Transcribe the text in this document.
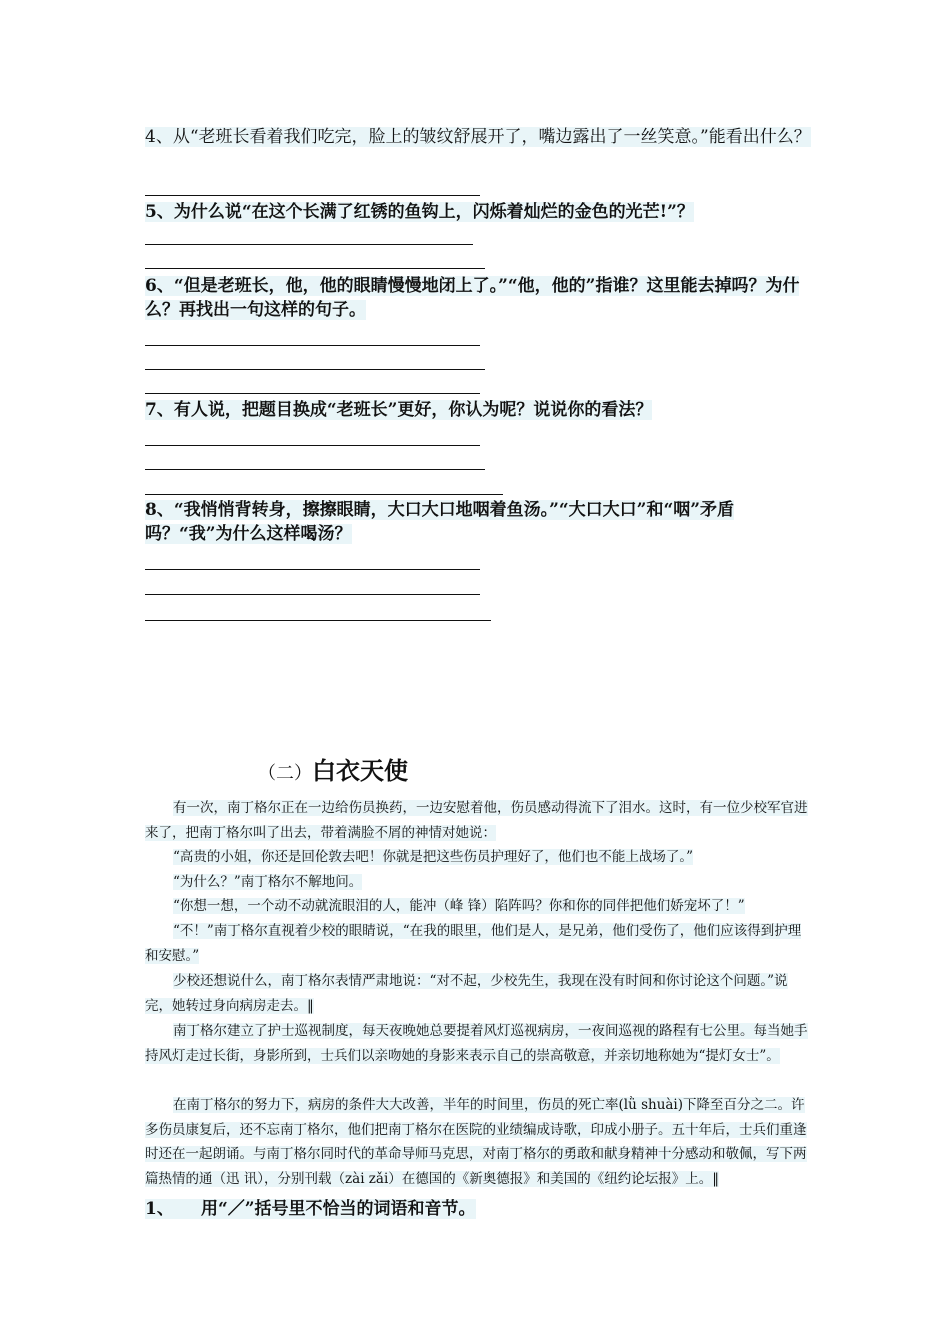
4、从“老班长看着我们吃完，脸上的皱纹舒展开了，嘴边露出了一丝笑意。”能看出什么？
5、为什么说“在这个长满了红锈的鱼钩上，闪烁着灿烂的金色的光芒!”？
6、“但是老班长，他，他的眼睛慢慢地闭上了。”“他，他的”指谁？这里能去掉吗？为什么？再找出一句这样的句子。
7、有人说，把题目换成“老班长”更好，你认为呢？说说你的看法？
8、“我悄悄背转身，擦擦眼睛，大口大口地咽着鱼汤。”“大口大口”和“咽”矛盾吗？“我”为什么这样喝汤？
（二）白衣天使
有一次，南丁格尔正在一边给伤员换药，一边安慰着他，伤员感动得流下了泪水。这时，有一位少校军官进来了，把南丁格尔叫了出去，带着满脸不屑的神情对她说：
“高贵的小姐，你还是回伦敦去吧！你就是把这些伤员护理好了，他们也不能上战场了。”
“为什么？”南丁格尔不解地问。
“你想一想，一个动不动就流眼泪的人，能冲（峰 锋）陷阵吗？你和你的同伴把他们娇宠坏了！”
“不！”南丁格尔直视着少校的眼睛说，“在我的眼里，他们是人，是兄弟，他们受伤了，他们应该得到护理和安慰。”
少校还想说什么，南丁格尔表情严肃地说：“对不起，少校先生，我现在没有时间和你讨论这个问题。”说完，她转过身向病房走去。‖
南丁格尔建立了护士巡视制度，每天夜晚她总要提着风灯巡视病房，一夜间巡视的路程有七公里。每当她手持风灯走过长街，身影所到，士兵们以亲吻她的身影来表示自己的崇高敬意，并亲切地称她为“提灯女士”。
在南丁格尔的努力下，病房的条件大大改善，半年的时间里，伤员的死亡率(lǜ shuài)下降至百分之二。许多伤员康复后，还不忘南丁格尔，他们把南丁格尔在医院的业绩编成诗歌，印成小册子。五十年后，士兵们重逢时还在一起朗诵。与南丁格尔同时代的革命导师马克思，对南丁格尔的勇敢和献身精神十分感动和敬佩，写下两篇热情的通（迅 讯），分别刊载（zài zǎi）在德国的《新奥德报》和美国的《纽约论坛报》上。‖
1、 用“／”括号里不恰当的词语和音节。
